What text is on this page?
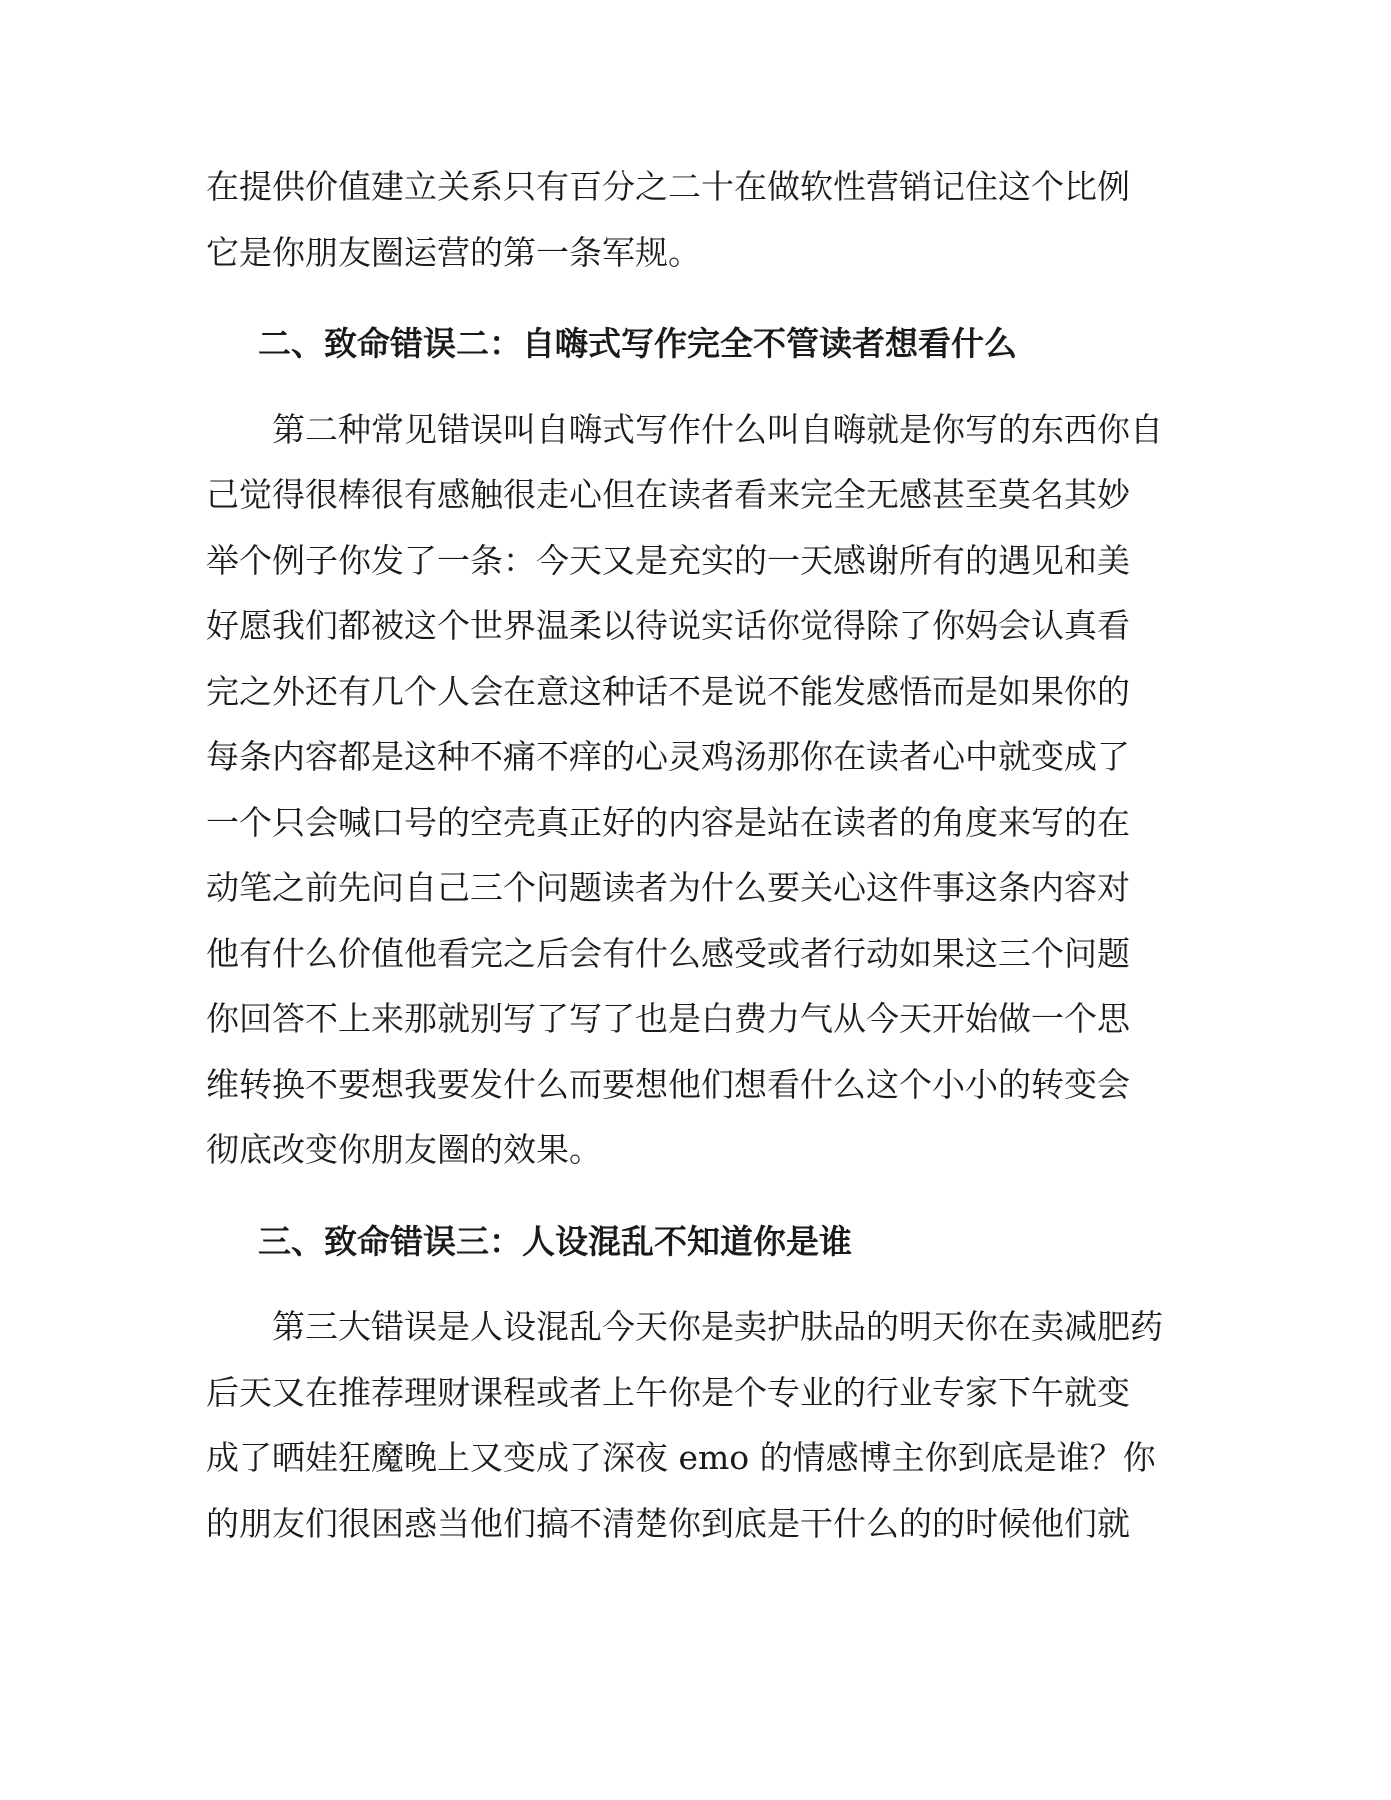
在提供价值建立关系只有百分之二十在做软性营销记住这个比例
它是你朋友圈运营的第一条军规。
二、致命错误二：自嗨式写作完全不管读者想看什么
第二种常见错误叫自嗨式写作什么叫自嗨就是你写的东西你自
己觉得很棒很有感触很走心但在读者看来完全无感甚至莫名其妙
举个例子你发了一条：今天又是充实的一天感谢所有的遇见和美
好愿我们都被这个世界温柔以待说实话你觉得除了你妈会认真看
完之外还有几个人会在意这种话不是说不能发感悟而是如果你的
每条内容都是这种不痛不痒的心灵鸡汤那你在读者心中就变成了
一个只会喊口号的空壳真正好的内容是站在读者的角度来写的在
动笔之前先问自己三个问题读者为什么要关心这件事这条内容对
他有什么价值他看完之后会有什么感受或者行动如果这三个问题
你回答不上来那就别写了写了也是白费力气从今天开始做一个思
维转换不要想我要发什么而要想他们想看什么这个小小的转变会
彻底改变你朋友圈的效果。
三、致命错误三：人设混乱不知道你是谁
第三大错误是人设混乱今天你是卖护肤品的明天你在卖减肥药
后天又在推荐理财课程或者上午你是个专业的行业专家下午就变
成了晒娃狂魔晚上又变成了深夜 emo 的情感博主你到底是谁？你
的朋友们很困惑当他们搞不清楚你到底是干什么的的时候他们就
